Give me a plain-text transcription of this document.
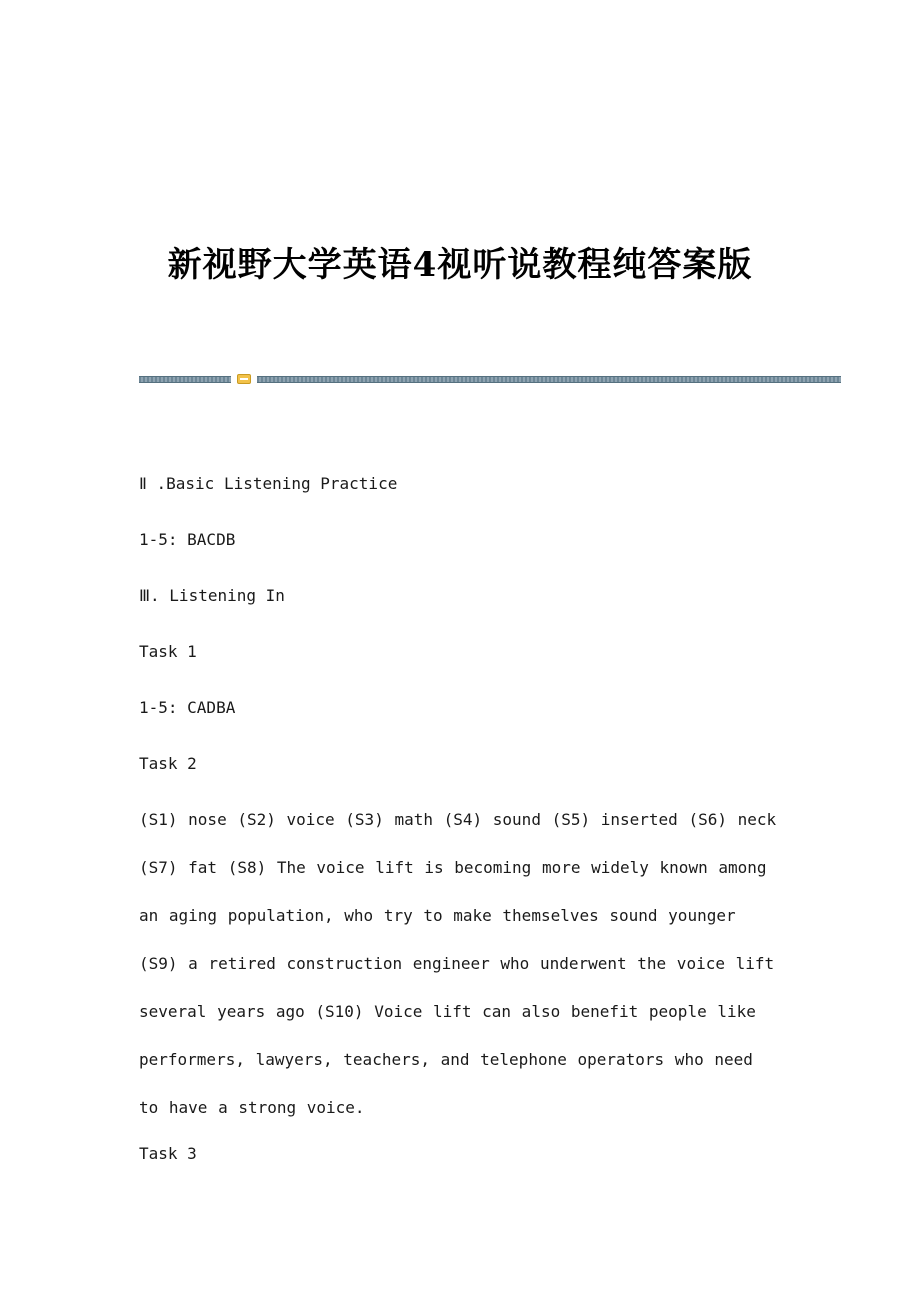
新视野大学英语4视听说教程纯答案版
Ⅱ .Basic Listening Practice
1-5: BACDB
Ⅲ. Listening In
Task 1
1-5: CADBA
Task 2
(S1) nose (S2) voice (S3) math (S4) sound (S5) inserted (S6) neck (S7) fat (S8) The voice lift is becoming more widely known among an aging population, who try to make themselves sound younger (S9) a retired construction engineer who underwent the voice lift several years ago (S10) Voice lift can also benefit people like performers, lawyers, teachers, and telephone operators who need to have a strong voice.
Task 3
